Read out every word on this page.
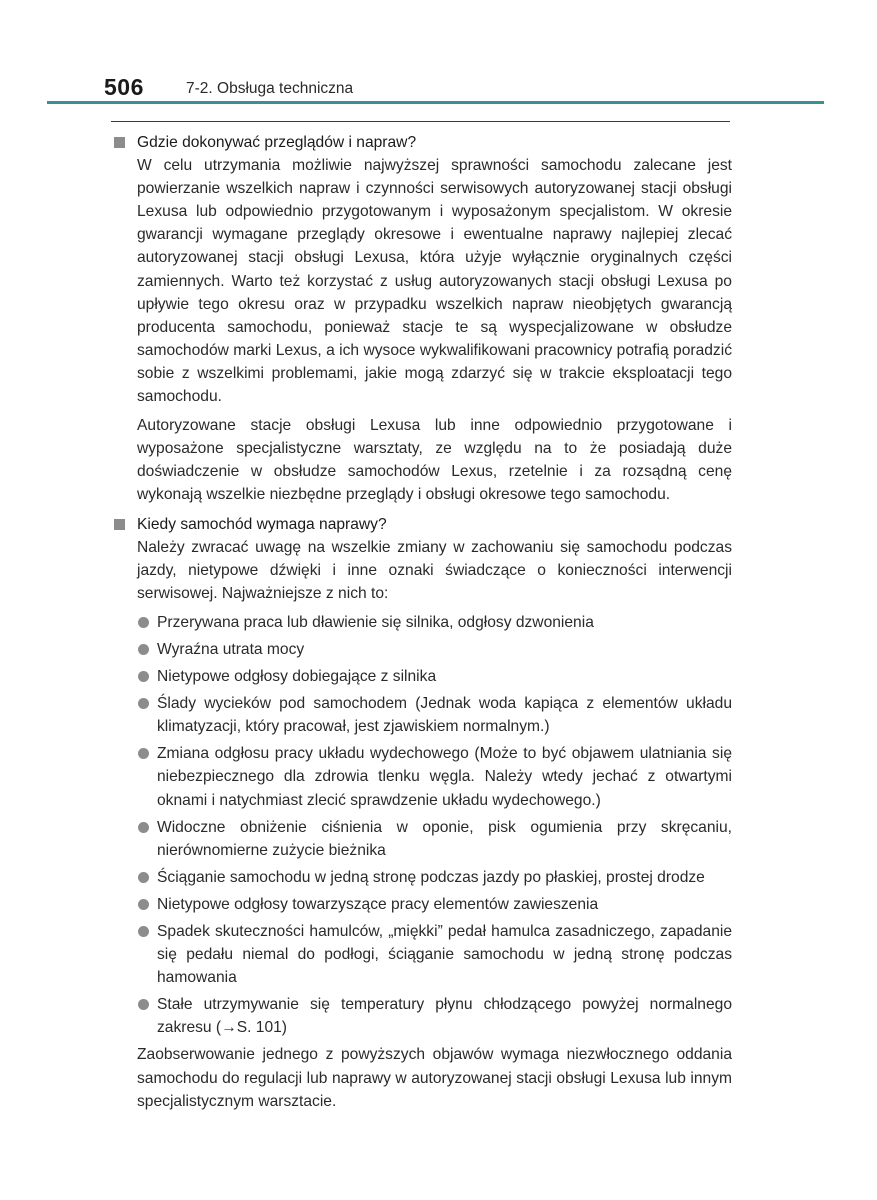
506	7-2. Obsługa techniczna

Gdzie dokonywać przeglądów i napraw?

W celu utrzymania możliwie najwyższej sprawności samochodu zalecane jest powierzanie wszelkich napraw i czynności serwisowych autoryzowanej stacji obsługi Lexusa lub odpowiednio przygotowanym i wyposażonym specjalistom. W okresie gwarancji wymagane przeglądy okresowe i ewentualne naprawy najlepiej zlecać autoryzowanej stacji obsługi Lexusa, która użyje wyłącznie oryginalnych części zamiennych. Warto też korzystać z usług autoryzowanych stacji obsługi Lexusa po upływie tego okresu oraz w przypadku wszelkich napraw nieobjętych gwarancją producenta samochodu, ponieważ stacje te są wyspecjalizowane w obsłudze samochodów marki Lexus, a ich wysoce wykwalifikowani pracownicy potrafią poradzić sobie z wszelkimi problemami, jakie mogą zdarzyć się w trakcie eksploatacji tego samochodu.

Autoryzowane stacje obsługi Lexusa lub inne odpowiednio przygotowane i wyposażone specjalistyczne warsztaty, ze względu na to że posiadają duże doświadczenie w obsłudze samochodów Lexus, rzetelnie i za rozsądną cenę wykonają wszelkie niezbędne przeglądy i obsługi okresowe tego samochodu.

Kiedy samochód wymaga naprawy?

Należy zwracać uwagę na wszelkie zmiany w zachowaniu się samochodu podczas jazdy, nietypowe dźwięki i inne oznaki świadczące o konieczności interwencji serwisowej. Najważniejsze z nich to:

Przerywana praca lub dławienie się silnika, odgłosy dzwonienia
Wyraźna utrata mocy
Nietypowe odgłosy dobiegające z silnika
Ślady wycieków pod samochodem (Jednak woda kapiąca z elementów układu klimatyzacji, który pracował, jest zjawiskiem normalnym.)
Zmiana odgłosu pracy układu wydechowego (Może to być objawem ulatniania się niebezpiecznego dla zdrowia tlenku węgla. Należy wtedy jechać z otwartymi oknami i natychmiast zlecić sprawdzenie układu wydechowego.)
Widoczne obniżenie ciśnienia w oponie, pisk ogumienia przy skręcaniu, nierównomierne zużycie bieżnika
Ściąganie samochodu w jedną stronę podczas jazdy po płaskiej, prostej drodze
Nietypowe odgłosy towarzyszące pracy elementów zawieszenia
Spadek skuteczności hamulców, „miękki” pedał hamulca zasadniczego, zapadanie się pedału niemal do podłogi, ściąganie samochodu w jedną stronę podczas hamowania
Stałe utrzymywanie się temperatury płynu chłodzącego powyżej normalnego zakresu (→S. 101)

Zaobserwowanie jednego z powyższych objawów wymaga niezwłocznego oddania samochodu do regulacji lub naprawy w autoryzowanej stacji obsługi Lexusa lub innym specjalistycznym warsztacie.
